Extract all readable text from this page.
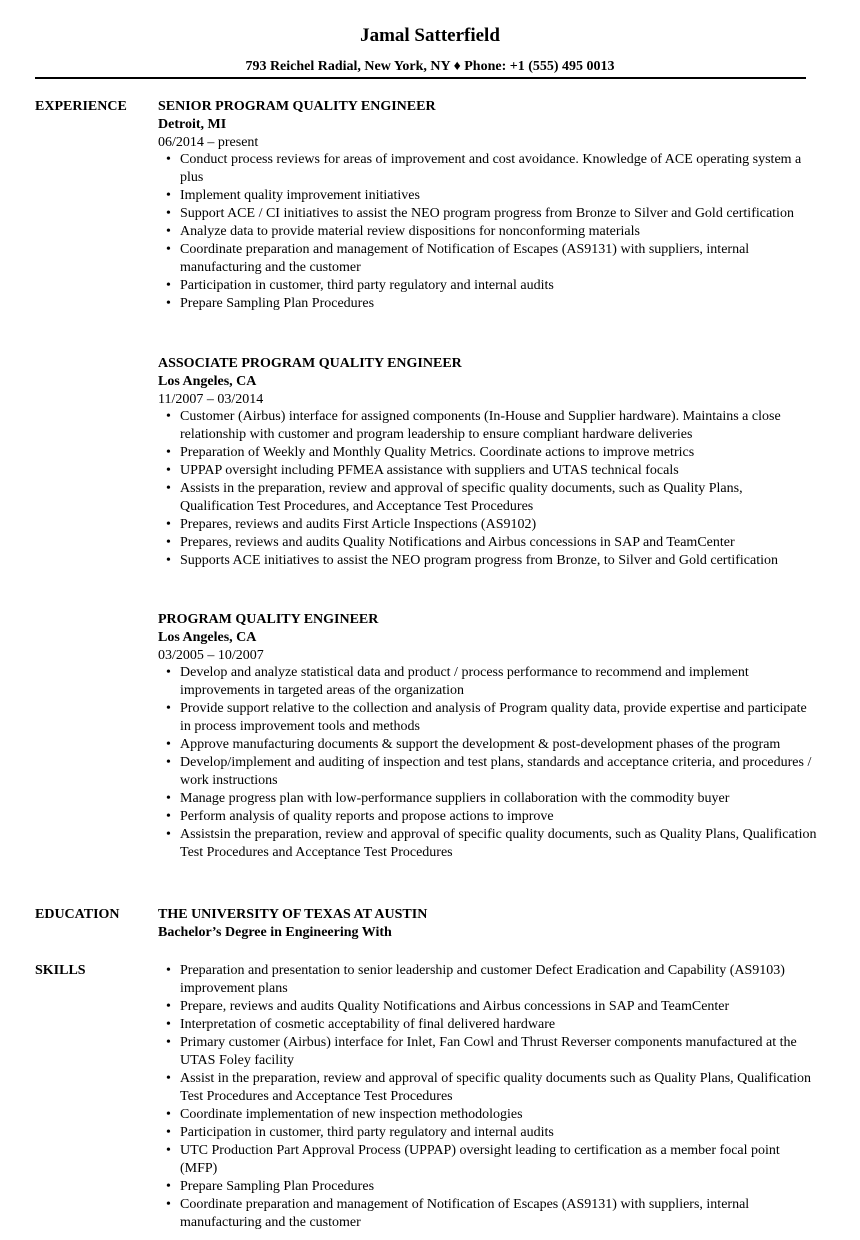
Jamal Satterfield
793 Reichel Radial, New York, NY ♦ Phone: +1 (555) 495 0013
EXPERIENCE SENIOR PROGRAM QUALITY ENGINEER
Detroit, MI
06/2014 – present
• Conduct process reviews for areas of improvement and cost avoidance. Knowledge of ACE operating system a plus
• Implement quality improvement initiatives
• Support ACE / CI initiatives to assist the NEO program progress from Bronze to Silver and Gold certification
• Analyze data to provide material review dispositions for nonconforming materials
• Coordinate preparation and management of Notification of Escapes (AS9131) with suppliers, internal manufacturing and the customer
• Participation in customer, third party regulatory and internal audits
• Prepare Sampling Plan Procedures
ASSOCIATE PROGRAM QUALITY ENGINEER
Los Angeles, CA
11/2007 – 03/2014
• Customer (Airbus) interface for assigned components (In-House and Supplier hardware). Maintains a close relationship with customer and program leadership to ensure compliant hardware deliveries
• Preparation of Weekly and Monthly Quality Metrics. Coordinate actions to improve metrics
• UPPAP oversight including PFMEA assistance with suppliers and UTAS technical focals
• Assists in the preparation, review and approval of specific quality documents, such as Quality Plans, Qualification Test Procedures, and Acceptance Test Procedures
• Prepares, reviews and audits First Article Inspections (AS9102)
• Prepares, reviews and audits Quality Notifications and Airbus concessions in SAP and TeamCenter
• Supports ACE initiatives to assist the NEO program progress from Bronze, to Silver and Gold certification
PROGRAM QUALITY ENGINEER
Los Angeles, CA
03/2005 – 10/2007
• Develop and analyze statistical data and product / process performance to recommend and implement improvements in targeted areas of the organization
• Provide support relative to the collection and analysis of Program quality data, provide expertise and participate in process improvement tools and methods
• Approve manufacturing documents & support the development & post-development phases of the program
• Develop/implement and auditing of inspection and test plans, standards and acceptance criteria, and procedures / work instructions
• Manage progress plan with low-performance suppliers in collaboration with the commodity buyer
• Perform analysis of quality reports and propose actions to improve
• Assistsin the preparation, review and approval of specific quality documents, such as Quality Plans, Qualification Test Procedures and Acceptance Test Procedures
EDUCATION	THE UNIVERSITY OF TEXAS AT AUSTIN
Bachelor’s Degree in Engineering With
SKILLS	• Preparation and presentation to senior leadership and customer Defect Eradication and Capability (AS9103) improvement plans
• Prepare, reviews and audits Quality Notifications and Airbus concessions in SAP and TeamCenter
• Interpretation of cosmetic acceptability of final delivered hardware
• Primary customer (Airbus) interface for Inlet, Fan Cowl and Thrust Reverser components manufactured at the UTAS Foley facility
• Assist in the preparation, review and approval of specific quality documents such as Quality Plans, Qualification Test Procedures and Acceptance Test Procedures
• Coordinate implementation of new inspection methodologies
• Participation in customer, third party regulatory and internal audits
• UTC Production Part Approval Process (UPPAP) oversight leading to certification as a member focal point (MFP)
• Prepare Sampling Plan Procedures
• Coordinate preparation and management of Notification of Escapes (AS9131) with suppliers, internal manufacturing and the customer
